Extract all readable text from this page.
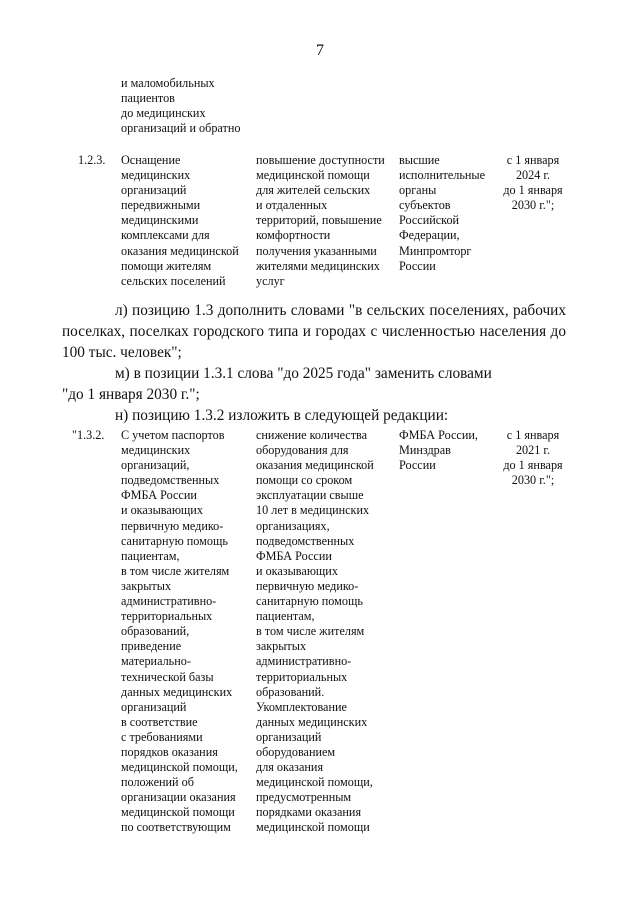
7
и маломобильных
пациентов
до медицинских
организаций и обратно
1.2.3.	Оснащение
медицинских
организаций
передвижными
медицинскими
комплексами для
оказания медицинской
помощи жителям
сельских поселений
повышение доступности
медицинской помощи
для жителей сельских
и отдаленных
территорий, повышение
комфортности
получения указанными
жителями медицинских
услуг
высшие
исполнительные
органы
субъектов
Российской
Федерации,
Минпромторг
России
с 1 января
2024 г.
до 1 января
2030 г.";

л) позицию 1.3 дополнить словами "в сельских поселениях, рабочих поселках, поселках городского типа и городах с численностью населения до 100 тыс. человек";

м) в позиции 1.3.1 слова "до 2025 года" заменить словами

"до 1 января 2030 г.";

н) позицию 1.3.2 изложить в следующей редакции:

"1.3.2.	С учетом паспортов
медицинских
организаций,
подведомственных
ФМБА России
и оказывающих
первичную медико-
санитарную помощь
пациентам,
в том числе жителям
закрытых
административно-
территориальных
образований,
приведение
материально-
технической базы
данных медицинских
организаций
в соответствие
с требованиями
порядков оказания
медицинской помощи,
положений об
организации оказания
медицинской помощи
по соответствующим
снижение количества
оборудования для
оказания медицинской
помощи со сроком
эксплуатации свыше
10 лет в медицинских
организациях,
подведомственных
ФМБА России
и оказывающих
первичную медико-
санитарную помощь
пациентам,
в том числе жителям
закрытых
административно-
территориальных
образований.
Укомплектование
данных медицинских
организаций
оборудованием
для оказания
медицинской помощи,
предусмотренным
порядками оказания
медицинской помощи
ФМБА России,
Минздрав
России
с 1 января
2021 г.
до 1 января
2030 г.";
